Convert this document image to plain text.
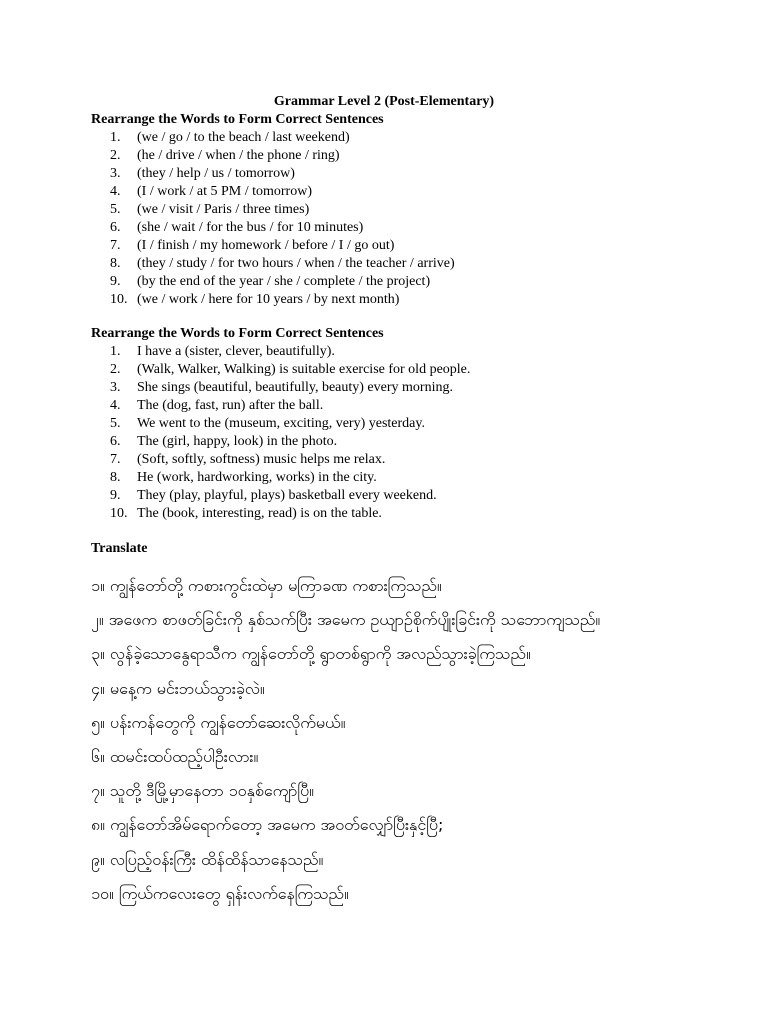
Grammar Level 2 (Post-Elementary)
Rearrange the Words to Form Correct Sentences
1.	(we / go / to the beach / last weekend)
2.	(he / drive / when / the phone / ring)
3.	(they / help / us / tomorrow)
4.	(I / work / at 5 PM / tomorrow)
5.	(we / visit / Paris / three times)
6.	(she / wait / for the bus / for 10 minutes)
7.	(I / finish / my homework / before / I / go out)
8.	(they / study / for two hours / when / the teacher / arrive)
9.	(by the end of the year / she / complete / the project)
10. (we / work / here for 10 years / by next month)
Rearrange the Words to Form Correct Sentences
1.	I have a (sister, clever, beautifully).
2.	(Walk, Walker, Walking) is suitable exercise for old people.
3.	She sings (beautiful, beautifully, beauty) every morning.
4.	The (dog, fast, run) after the ball.
5.	We went to the (museum, exciting, very) yesterday.
6.	The (girl, happy, look) in the photo.
7.	(Soft, softly, softness) music helps me relax.
8.	He (work, hardworking, works) in the city.
9.	They (play, playful, plays) basketball every weekend.
10. The (book, interesting, read) is on the table.
Translate
၁။ ကျွန်တော်တို့ ကစားကွင်းထဲမှာ မကြာခဏ ကစားကြသည်။
၂။ အဖေက စာဖတ်ခြင်းကို နှစ်သက်ပြီး အမေက ဥယျာဉ်စိုက်ပျိုးခြင်းကို သဘောကျသည်။
၃။ လွန်ခဲ့သောနွေရာသီက ကျွန်တော်တို့ ရွာတစ်ရွာကို အလည်သွားခဲ့ကြသည်။
၄။ မနေ့က မင်းဘယ်သွားခဲ့လဲ။
၅။ ပန်းကန်တွေကို ကျွန်တော်ဆေးလိုက်မယ်။
၆။ ထမင်းထပ်ထည့်ပါဦးလား။
၇။ သူတို့ ဒီမြို့မှာနေတာ ၁၀နှစ်ကျော်ပြီ။
၈။ ကျွန်တော်အိမ်ရောက်တော့ အမေက အဝတ်လျှော်ပြီးနှင့်ပြီ;
၉။ လပြည့်ဝန်းကြီး ထိန်ထိန်သာနေသည်။
၁၀။ ကြယ်ကလေးတွေ ရှန်းလက်နေကြသည်။
